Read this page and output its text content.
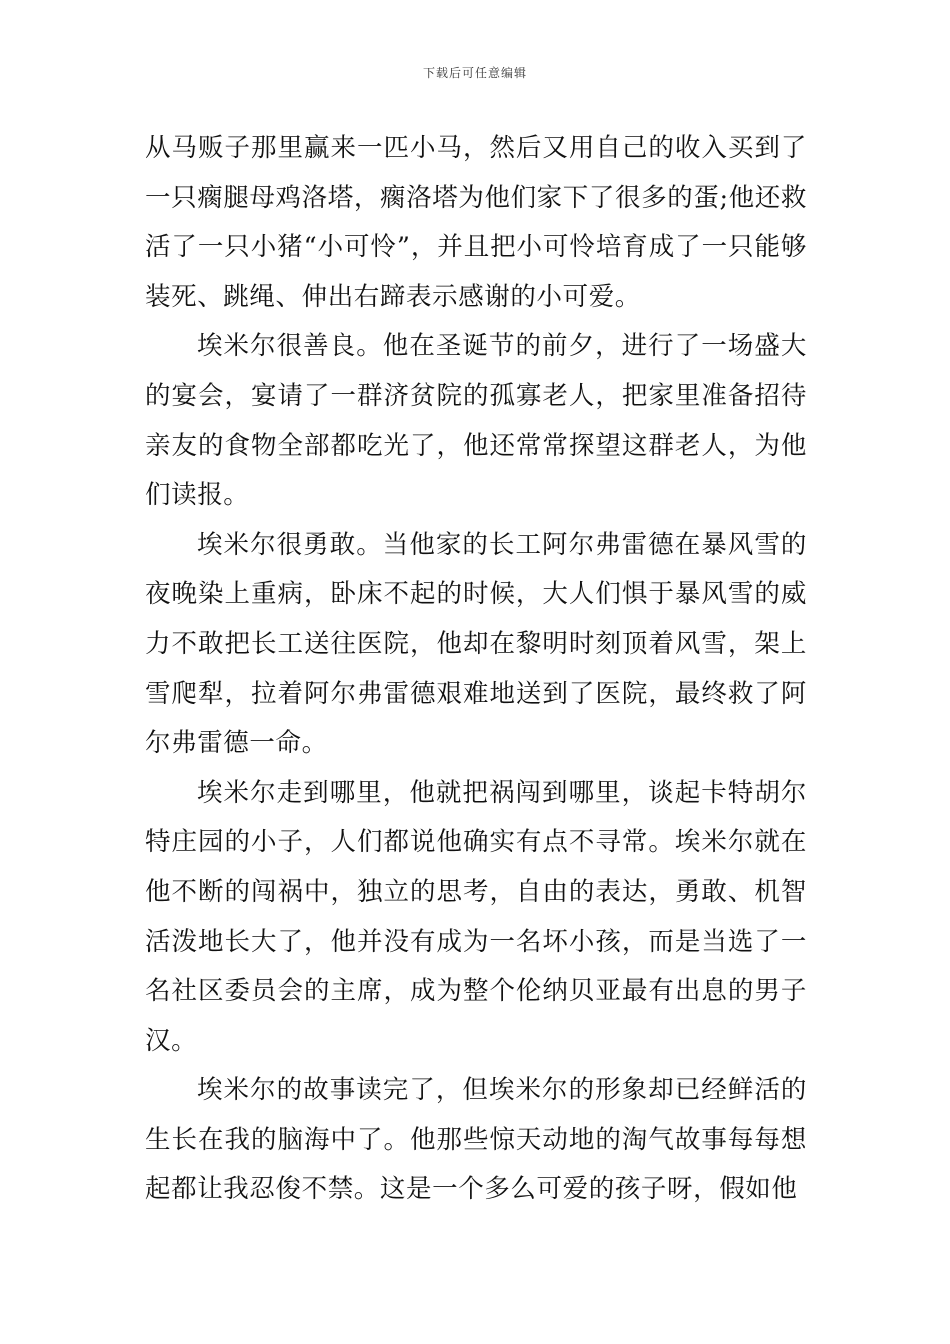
下载后可任意编辑

从马贩子那里赢来一匹小马，然后又用自己的收入买到了一只瘸腿母鸡洛塔，瘸洛塔为他们家下了很多的蛋;他还救活了一只小猪“小可怜”，并且把小可怜培育成了一只能够装死、跳绳、伸出右蹄表示感谢的小可爱。

埃米尔很善良。他在圣诞节的前夕，进行了一场盛大的宴会，宴请了一群济贫院的孤寡老人，把家里准备招待亲友的食物全部都吃光了，他还常常探望这群老人，为他们读报。

埃米尔很勇敢。当他家的长工阿尔弗雷德在暴风雪的夜晚染上重病，卧床不起的时候，大人们惧于暴风雪的威力不敢把长工送往医院，他却在黎明时刻顶着风雪，架上雪爬犁，拉着阿尔弗雷德艰难地送到了医院，最终救了阿尔弗雷德一命。

埃米尔走到哪里，他就把祸闯到哪里，谈起卡特胡尔特庄园的小子，人们都说他确实有点不寻常。埃米尔就在他不断的闯祸中，独立的思考，自由的表达，勇敢、机智活泼地长大了，他并没有成为一名坏小孩，而是当选了一名社区委员会的主席，成为整个伦纳贝亚最有出息的男子汉。

埃米尔的故事读完了，但埃米尔的形象却已经鲜活的生长在我的脑海中了。他那些惊天动地的淘气故事每每想起都让我忍俊不禁。这是一个多么可爱的孩子呀，假如他
